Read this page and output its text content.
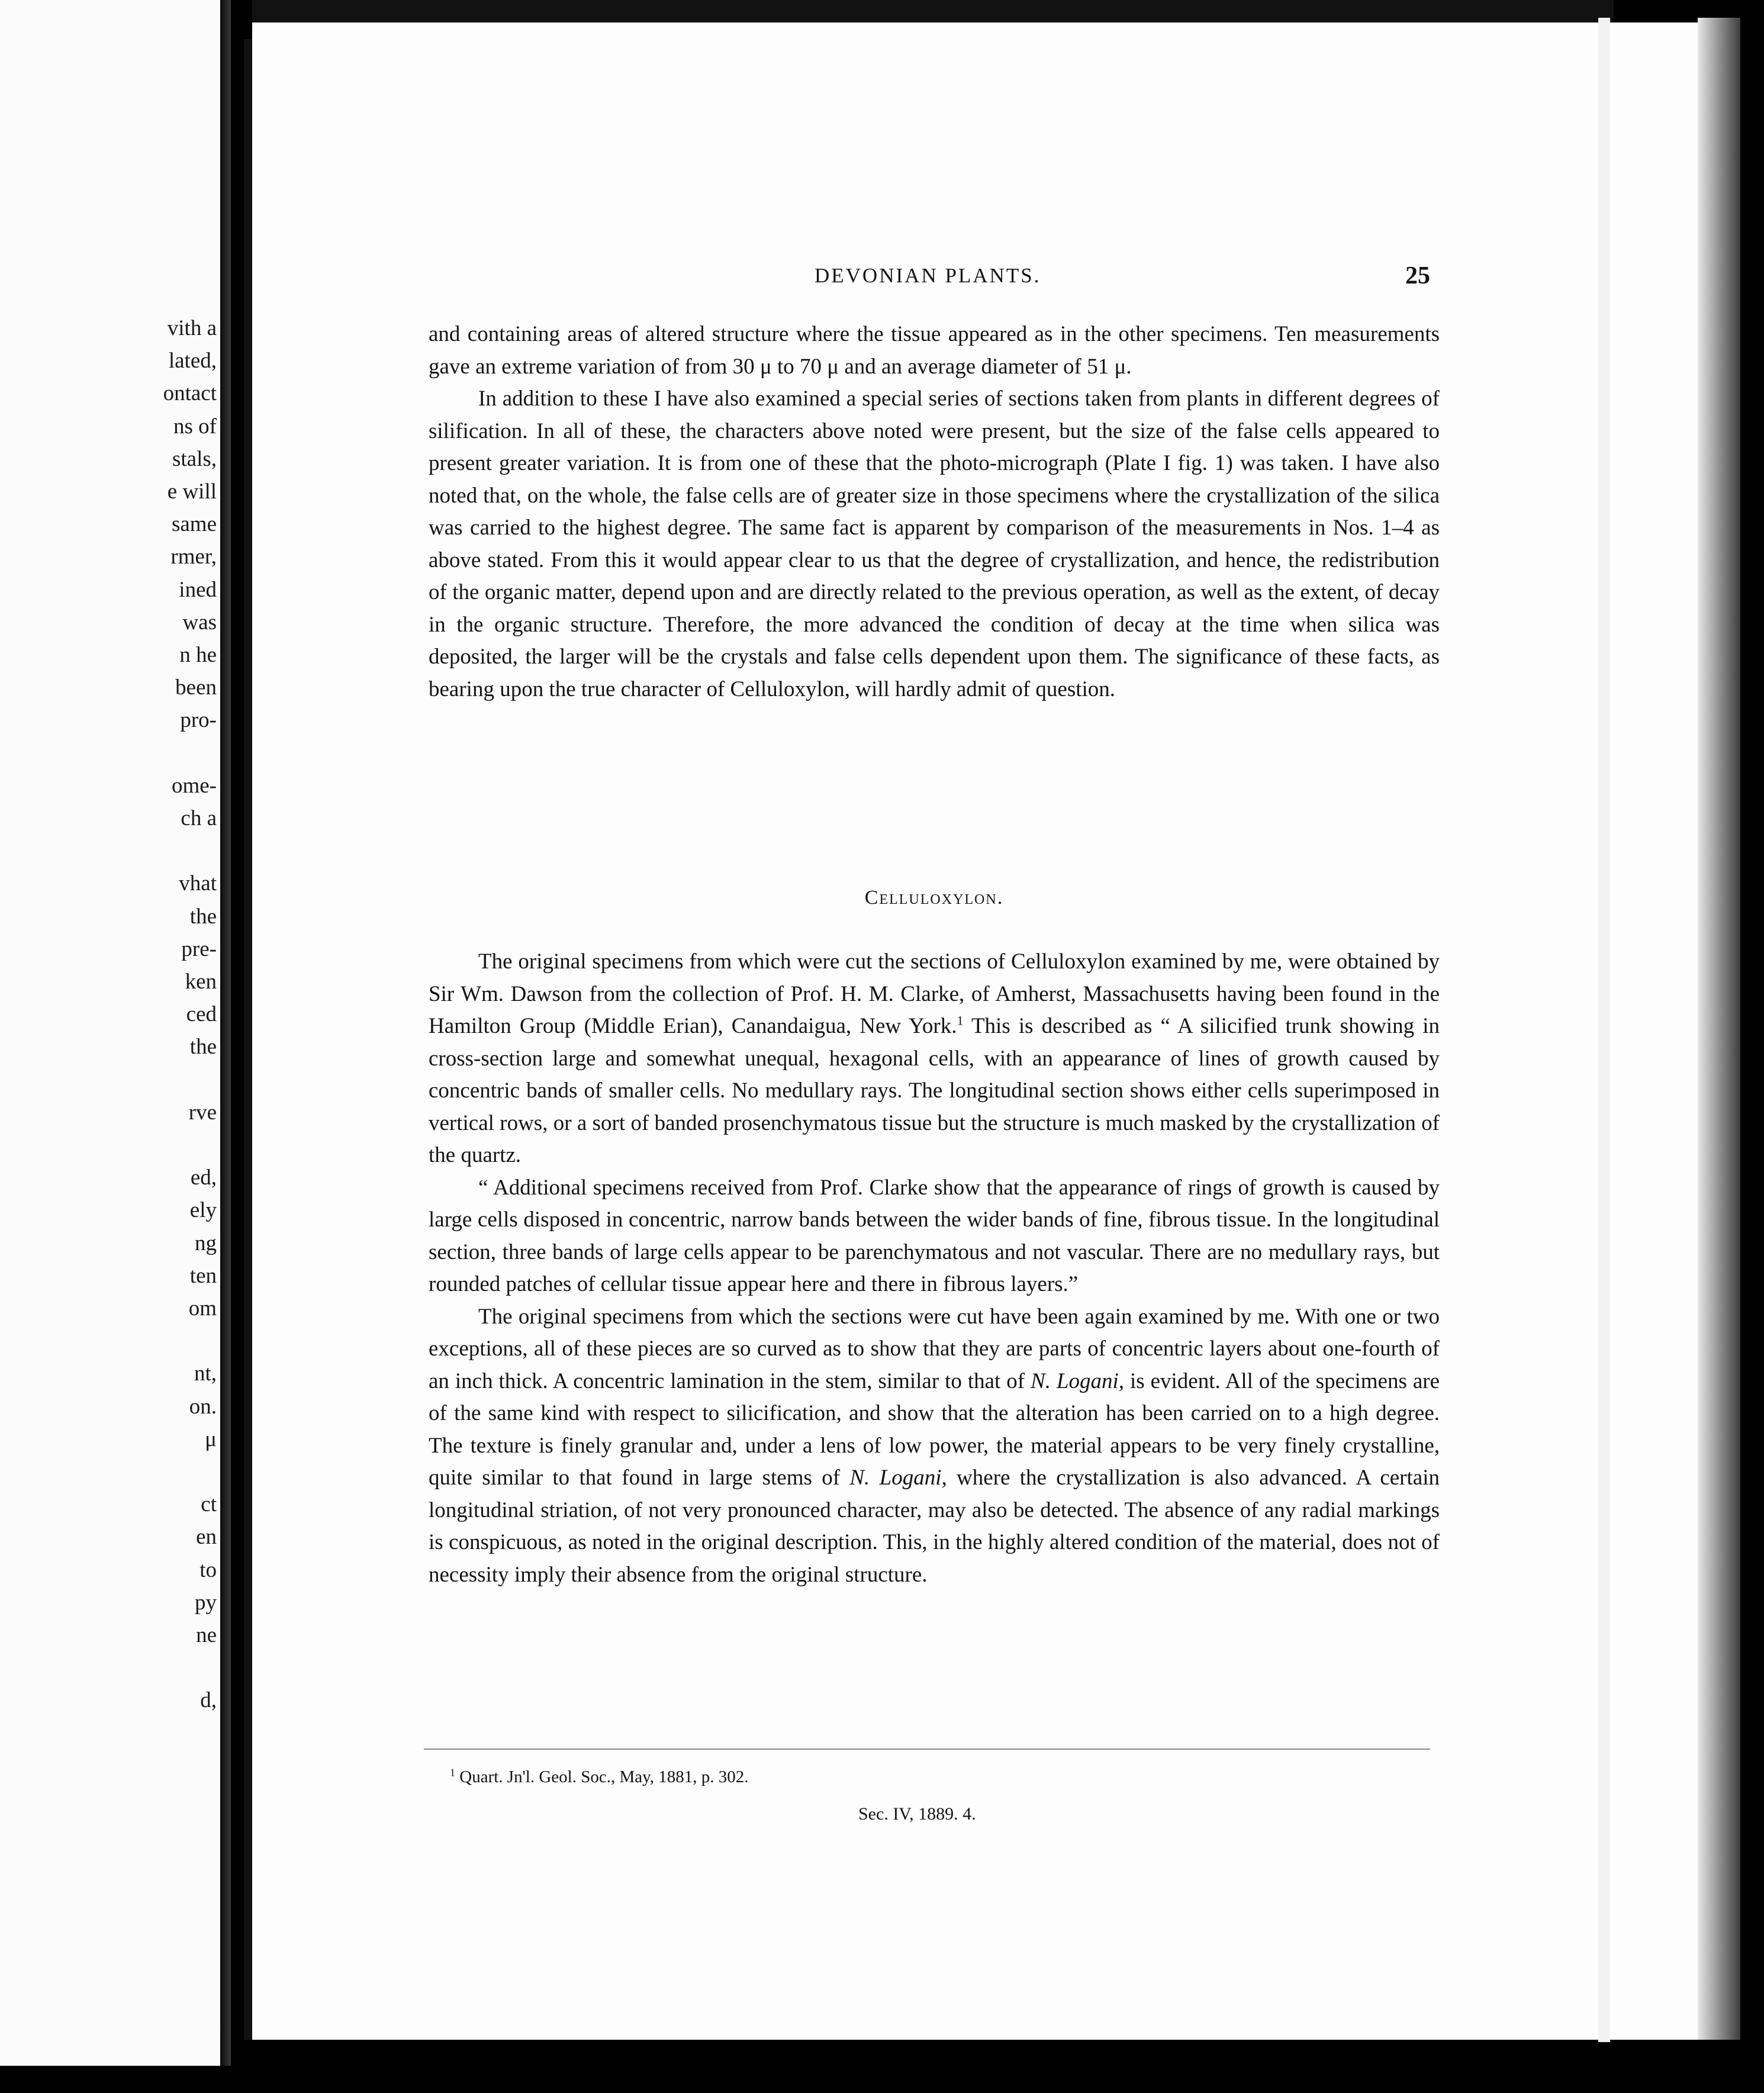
vith a
lated,
ontact
ns of
stals,
e will
same
rmer,
ined
was
n he
been
pro-
ome-
ch a
vhat
the
pre-
ken
ced
the
rve
ed,
ely
ng
ten
om
nt,
on.
μ
ct
en
to
py
ne
d,
DEVONIAN PLANTS.	25

and containing areas of altered structure where the tissue appeared as in the other specimens. Ten measurements gave an extreme variation of from 30 μ to 70 μ and an average diameter of 51 μ.

In addition to these I have also examined a special series of sections taken from plants in different degrees of silification. In all of these, the characters above noted were present, but the size of the false cells appeared to present greater variation. It is from one of these that the photo-micrograph (Plate I fig. 1) was taken. I have also noted that, on the whole, the false cells are of greater size in those specimens where the crystallization of the silica was carried to the highest degree. The same fact is apparent by comparison of the measurements in Nos. 1–4 as above stated. From this it would appear clear to us that the degree of crystallization, and hence, the redistribution of the organic matter, depend upon and are directly related to the previous operation, as well as the extent, of decay in the organic structure. Therefore, the more advanced the condition of decay at the time when silica was deposited, the larger will be the crystals and false cells dependent upon them. The significance of these facts, as bearing upon the true character of Celluloxylon, will hardly admit of question.

Celluloxylon.

The original specimens from which were cut the sections of Celluloxylon examined by me, were obtained by Sir Wm. Dawson from the collection of Prof. H. M. Clarke, of Amherst, Massachusetts having been found in the Hamilton Group (Middle Erian), Canandaigua, New York.$^1$ This is described as “ A silicified trunk showing in cross-section large and somewhat unequal, hexagonal cells, with an appearance of lines of growth caused by concentric bands of smaller cells. No medullary rays. The longitudinal section shows either cells superimposed in vertical rows, or a sort of banded prosenchymatous tissue but the structure is much masked by the crystallization of the quartz.

“ Additional specimens received from Prof. Clarke show that the appearance of rings of growth is caused by large cells disposed in concentric, narrow bands between the wider bands of fine, fibrous tissue. In the longitudinal section, three bands of large cells appear to be parenchymatous and not vascular. There are no medullary rays, but rounded patches of cellular tissue appear here and there in fibrous layers.”

The original specimens from which the sections were cut have been again examined by me. With one or two exceptions, all of these pieces are so curved as to show that they are parts of concentric layers about one-fourth of an inch thick. A concentric lamination in the stem, similar to that of N. Logani, is evident. All of the specimens are of the same kind with respect to silicification, and show that the alteration has been carried on to a high degree. The texture is finely granular and, under a lens of low power, the material appears to be very finely crystalline, quite similar to that found in large stems of N. Logani, where the crystallization is also advanced. A certain longitudinal striation, of not very pronounced character, may also be detected. The absence of any radial markings is conspicuous, as noted in the original description. This, in the highly altered condition of the material, does not of necessity imply their absence from the original structure.

$^1$ Quart. Jn'l. Geol. Soc., May, 1881, p. 302.
Sec. IV, 1889. 4.
